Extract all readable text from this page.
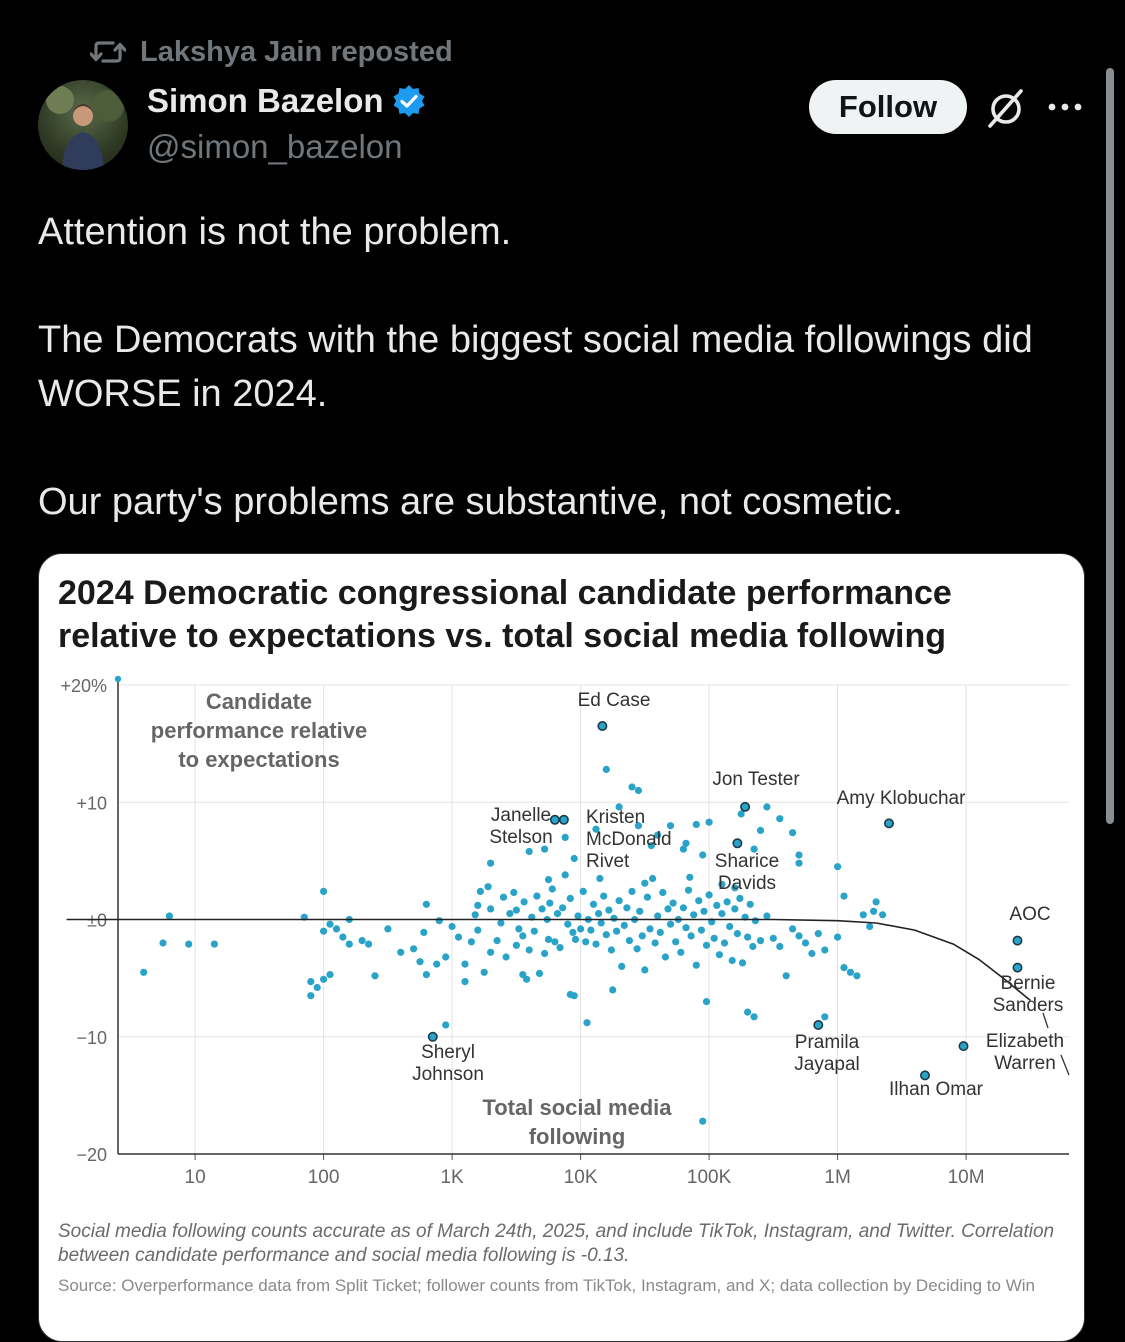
Lakshya Jain reposted
Simon Bazelon
@simon_bazelon
Follow

Attention is not the problem.

The Democrats with the biggest social media followings did WORSE in 2024.

Our party's problems are substantive, not cosmetic.

2024 Democratic congressional candidate performance relative to expectations vs. total social media following
+20%
+10
±0
−10
−20
10	100	1K	10K	100K	1M	10M
Candidate
performance relative
to expectations
Total social media
following
Ed Case
Jon Tester
Amy Klobuchar
Janelle
Stelson
Kristen
McDonald
Rivet	Sharice
Davids
AOC
Bernie
Sanders
Sheryl
Johnson
Pramila
Jayapal
Elizabeth
Warren
Ilhan Omar
Social media following counts accurate as of March 24th, 2025, and include TikTok, Instagram, and Twitter. Correlation between candidate performance and social media following is -0.13.
Source: Overperformance data from Split Ticket; follower counts from TikTok, Instagram, and X; data collection by Deciding to Win
